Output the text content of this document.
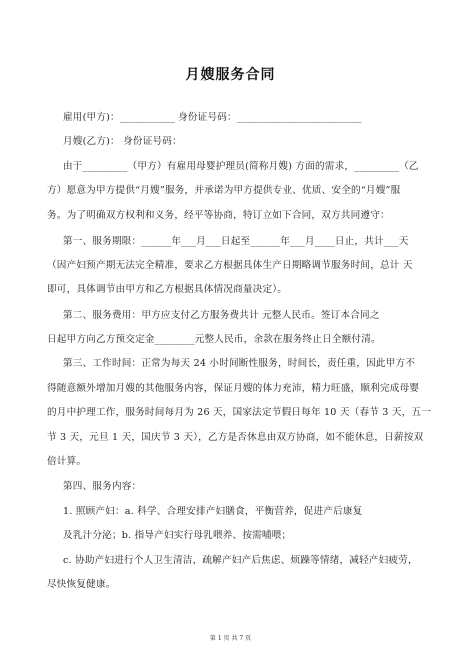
月嫂服务合同
雇用(甲方)：___________ 身份证号码：_________________________
月嫂(乙方)： 身份证号码：
由于_________（甲方）有雇用母婴护理员(简称月嫂) 方面的需求，_________（乙
方）愿意为甲方提供“月嫂”服务，并承诺为甲方提供专业、优质、安全的“月嫂”服
务。为了明确双方权利和义务，经平等协商，特订立如下合同，双方共同遵守：
第一、服务期限：______年___月___日起至______年___月____日止，共计___天
（因产妇预产期无法完全精准，要求乙方根据具体生产日期略调节服务时间，总计 天
即可，具体调节由甲方和乙方根据具体情况商量决定）。
第二、服务费用：甲方应支付乙方服务费共计 元整人民币。签订本合同之
日起甲方向乙方预交定金________元整人民币，余款在服务终止日全额付清。
第三、工作时间：正常为每天 24 小时间断性服务，时间长，责任重，因此甲方不
得随意额外增加月嫂的其他服务内容，保证月嫂的体力充沛，精力旺盛，顺利完成母婴
的月中护理工作，服务时间每月为 26 天，国家法定节假日每年 10 天（春节 3 天，五一
节 3 天，元旦 1 天，国庆节 3 天），乙方是否休息由双方协商，如不能休息，日薪按双
倍计算。
第四、服务内容：
1. 照顾产妇：a. 科学、合理安排产妇膳食，平衡营养，促进产后康复
及乳汁分泌；b. 指导产妇实行母乳喂养、按需哺喂；
c. 协助产妇进行个人卫生清洁，疏解产妇产后焦虑、烦躁等情绪，减轻产妇疲劳，
尽快恢复健康。
第 1 页 共 7 页
